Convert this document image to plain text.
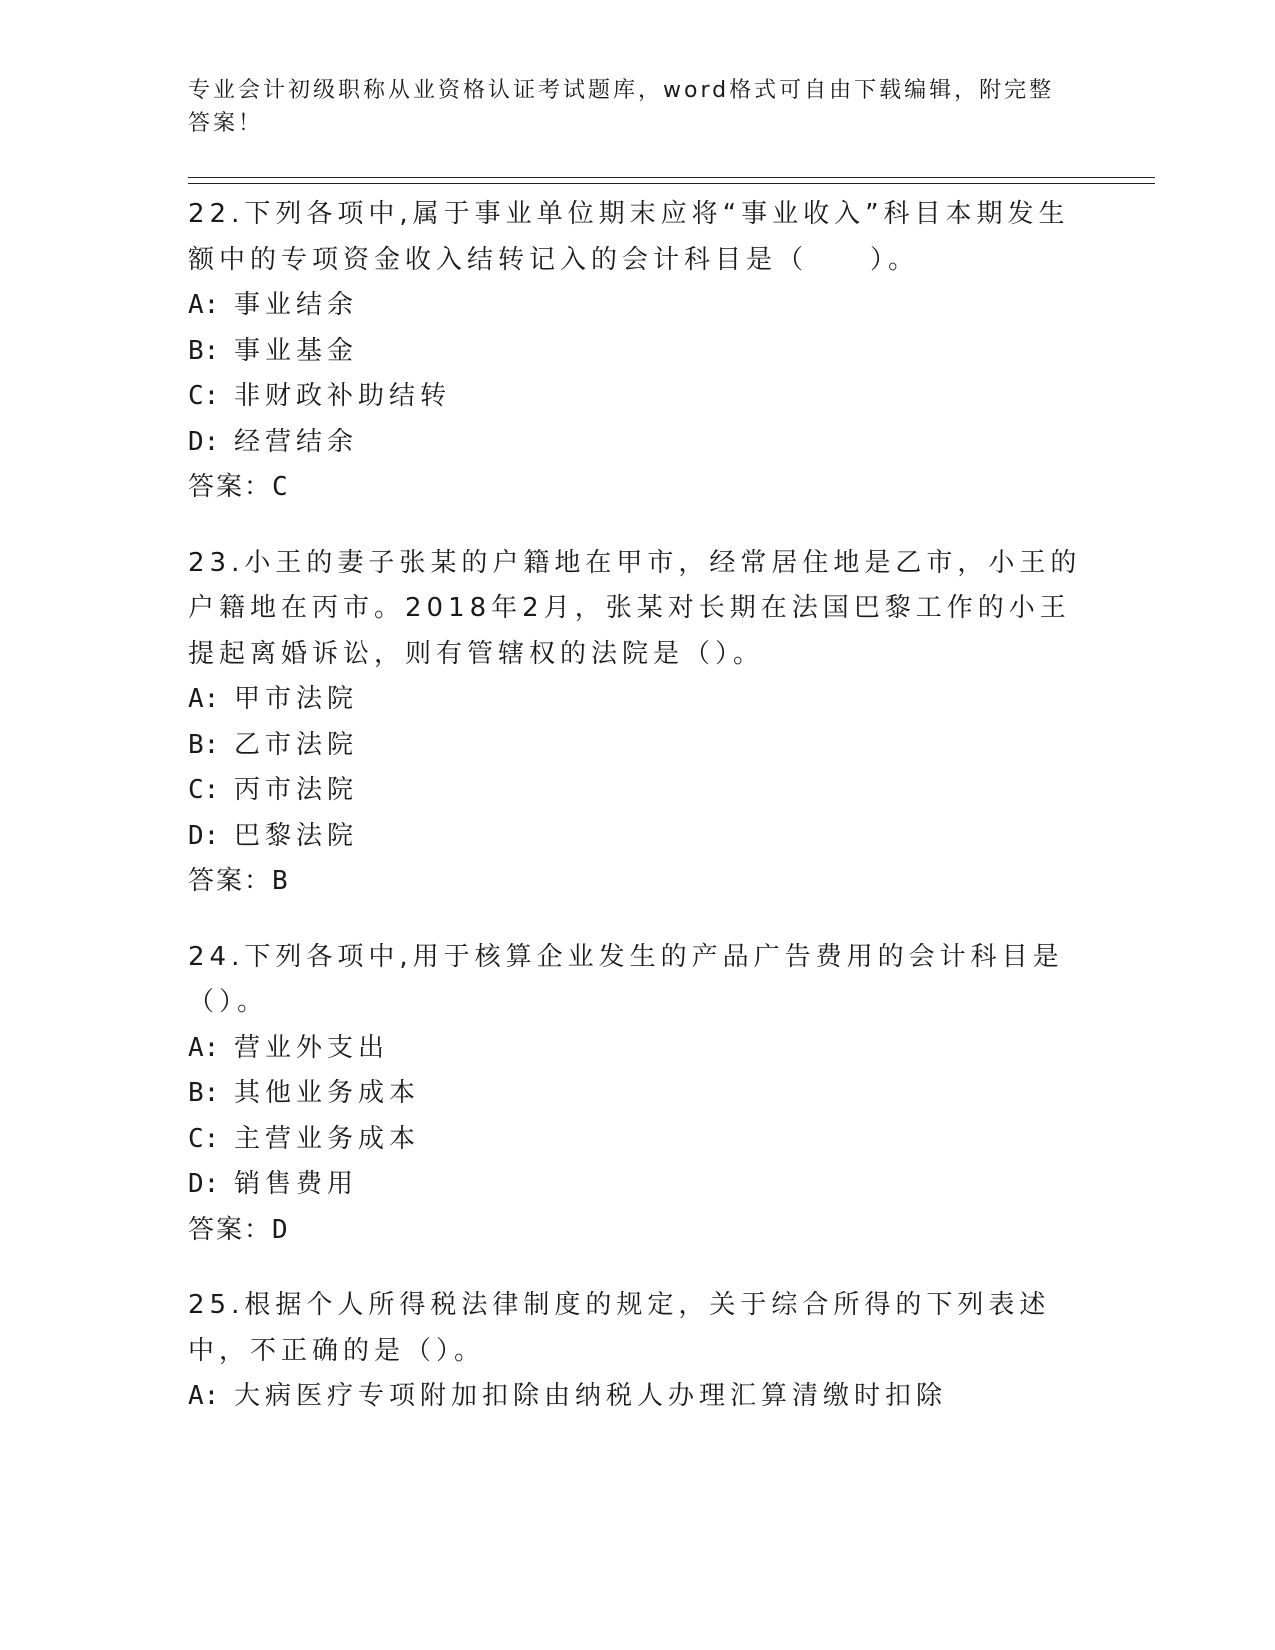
专业会计初级职称从业资格认证考试题库，word格式可自由下载编辑，附完整答案！

22.下列各项中,属于事业单位期末应将“事业收入”科目本期发生额中的专项资金收入结转记入的会计科目是（　　）。

A: 事业结余
B: 事业基金
C: 非财政补助结转
D: 经营结余

答案：C

23.小王的妻子张某的户籍地在甲市，经常居住地是乙市，小王的户籍地在丙市。2018年2月，张某对长期在法国巴黎工作的小王提起离婚诉讼，则有管辖权的法院是（）。

A: 甲市法院
B: 乙市法院
C: 丙市法院
D: 巴黎法院

答案：B

24.下列各项中,用于核算企业发生的产品广告费用的会计科目是（）。

A: 营业外支出
B: 其他业务成本
C: 主营业务成本
D: 销售费用

答案：D

25.根据个人所得税法律制度的规定，关于综合所得的下列表述中，不正确的是（）。

A: 大病医疗专项附加扣除由纳税人办理汇算清缴时扣除
